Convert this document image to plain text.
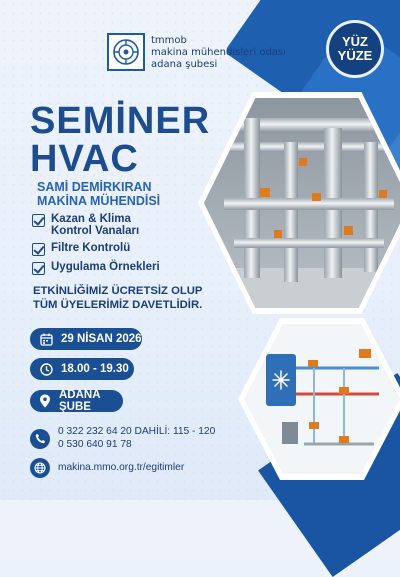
tmmob
makina mühendisleri odası
adana şubesi
YÜZ
YÜZE
SEMİNER
HVAC
SAMİ DEMİRKIRAN
MAKİNA MÜHENDİSİ
Kazan & Klima Kontrol Vanaları
Filtre Kontrolü
Uygulama Örnekleri
ETKİNLİĞİMİZ ÜCRETSİZ OLUP
TÜM ÜYELERİMİZ DAVETLİDİR.
29 NİSAN 2026
18.00 - 19.30
ADANA ŞUBE
0 322 232 64 20 DAHİLİ: 115 - 120
0 530 640 91 78
makina.mmo.org.tr/egitimler
